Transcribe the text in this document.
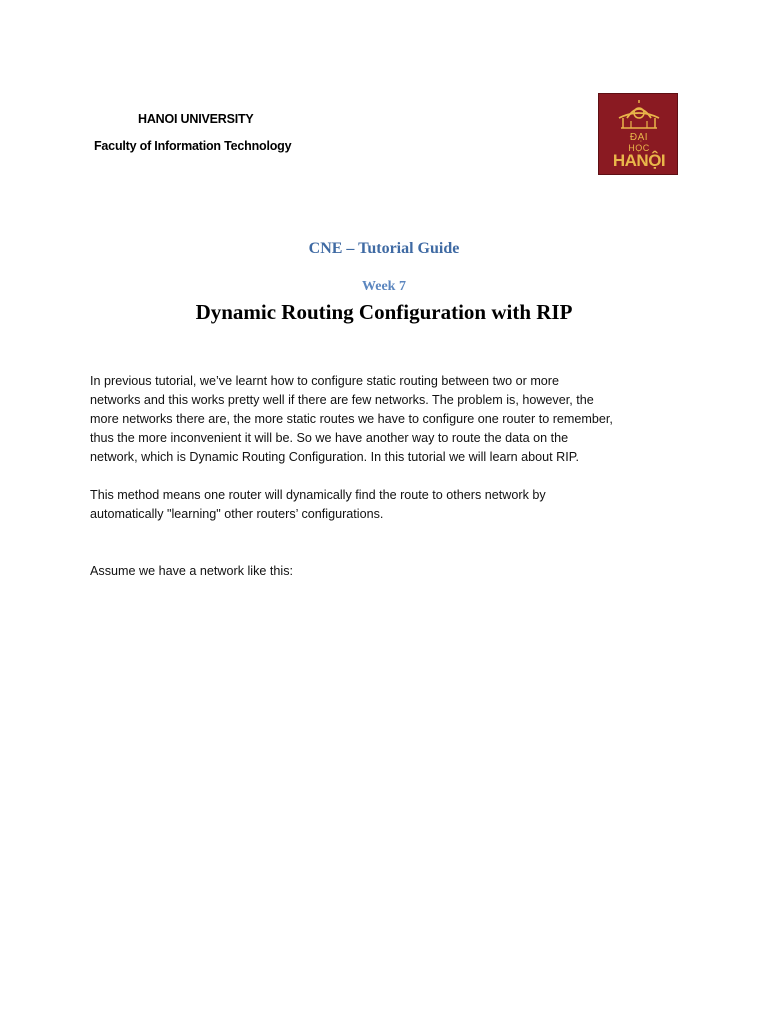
HANOI UNIVERSITY
Faculty of Information Technology
ĐẠI
HỌC
HANỘI
CNE – Tutorial Guide
Week 7
Dynamic Routing Configuration with RIP
In previous tutorial, we’ve learnt how to configure static routing between two or more
networks and this works pretty well if there are few networks. The problem is, however, the
more networks there are, the more static routes we have to configure one router to remember,
thus the more inconvenient it will be. So we have another way to route the data on the
network, which is Dynamic Routing Configuration. In this tutorial we will learn about RIP.
This method means one router will dynamically find the route to others network by
automatically "learning" other routers’ configurations.
Assume we have a network like this:
